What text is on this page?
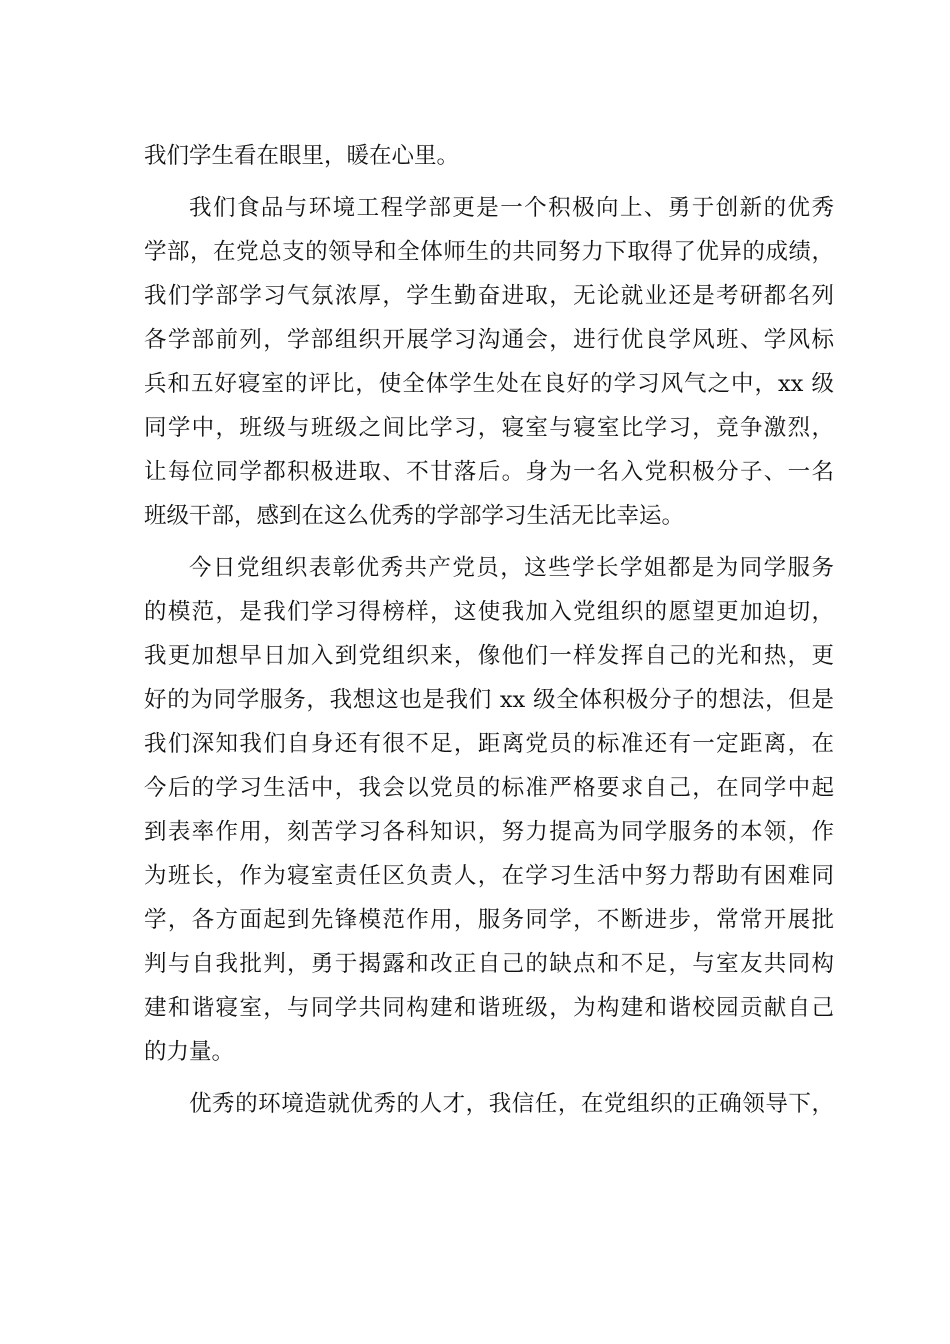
我们学生看在眼里，暖在心里。
我们食品与环境工程学部更是一个积极向上、勇于创新的优秀
学部，在党总支的领导和全体师生的共同努力下取得了优异的成绩，
我们学部学习气氛浓厚，学生勤奋进取，无论就业还是考研都名列
各学部前列，学部组织开展学习沟通会，进行优良学风班、学风标
兵和五好寝室的评比，使全体学生处在良好的学习风气之中，xx 级
同学中，班级与班级之间比学习，寝室与寝室比学习，竞争激烈，
让每位同学都积极进取、不甘落后。身为一名入党积极分子、一名
班级干部，感到在这么优秀的学部学习生活无比幸运。
今日党组织表彰优秀共产党员，这些学长学姐都是为同学服务
的模范，是我们学习得榜样，这使我加入党组织的愿望更加迫切，
我更加想早日加入到党组织来，像他们一样发挥自己的光和热，更
好的为同学服务，我想这也是我们 xx 级全体积极分子的想法，但是
我们深知我们自身还有很不足，距离党员的标准还有一定距离，在
今后的学习生活中，我会以党员的标准严格要求自己，在同学中起
到表率作用，刻苦学习各科知识，努力提高为同学服务的本领，作
为班长，作为寝室责任区负责人，在学习生活中努力帮助有困难同
学，各方面起到先锋模范作用，服务同学，不断进步，常常开展批
判与自我批判，勇于揭露和改正自己的缺点和不足，与室友共同构
建和谐寝室，与同学共同构建和谐班级，为构建和谐校园贡献自己
的力量。
优秀的环境造就优秀的人才，我信任，在党组织的正确领导下，
